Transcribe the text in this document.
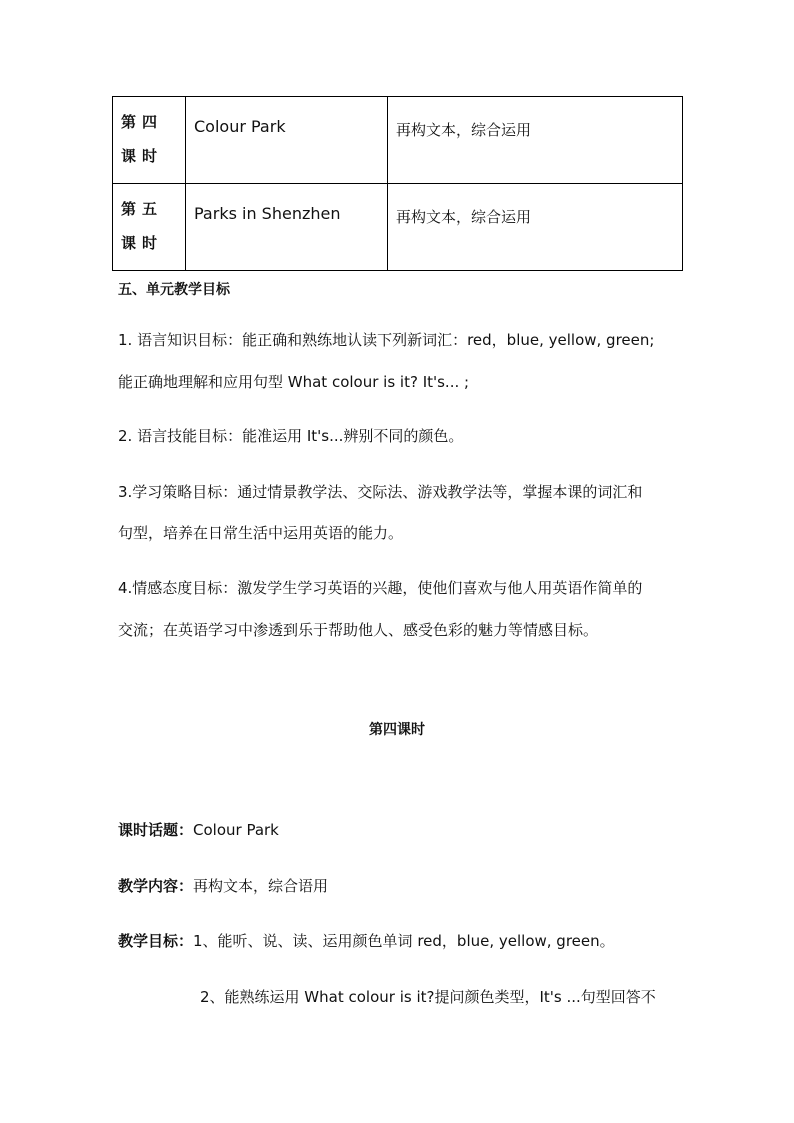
第四课时	Colour Park	再构文本，综合运用

第五课时	Parks in Shenzhen	再构文本，综合运用
五、单元教学目标
1. 语言知识目标：能正确和熟练地认读下列新词汇：red，blue, yellow, green;
能正确地理解和应用句型 What colour is it? It's... ;
2. 语言技能目标：能准运用 It's...辨别不同的颜色。
3.学习策略目标：通过情景教学法、交际法、游戏教学法等，掌握本课的词汇和
句型，培养在日常生活中运用英语的能力。
4.情感态度目标：激发学生学习英语的兴趣，使他们喜欢与他人用英语作简单的
交流；在英语学习中渗透到乐于帮助他人、感受色彩的魅力等情感目标。
第四课时
课时话题：Colour Park
教学内容：再构文本，综合语用
教学目标：1、能听、说、读、运用颜色单词 red，blue, yellow, green。
2、能熟练运用 What colour is it?提问颜色类型，It's ...句型回答不
